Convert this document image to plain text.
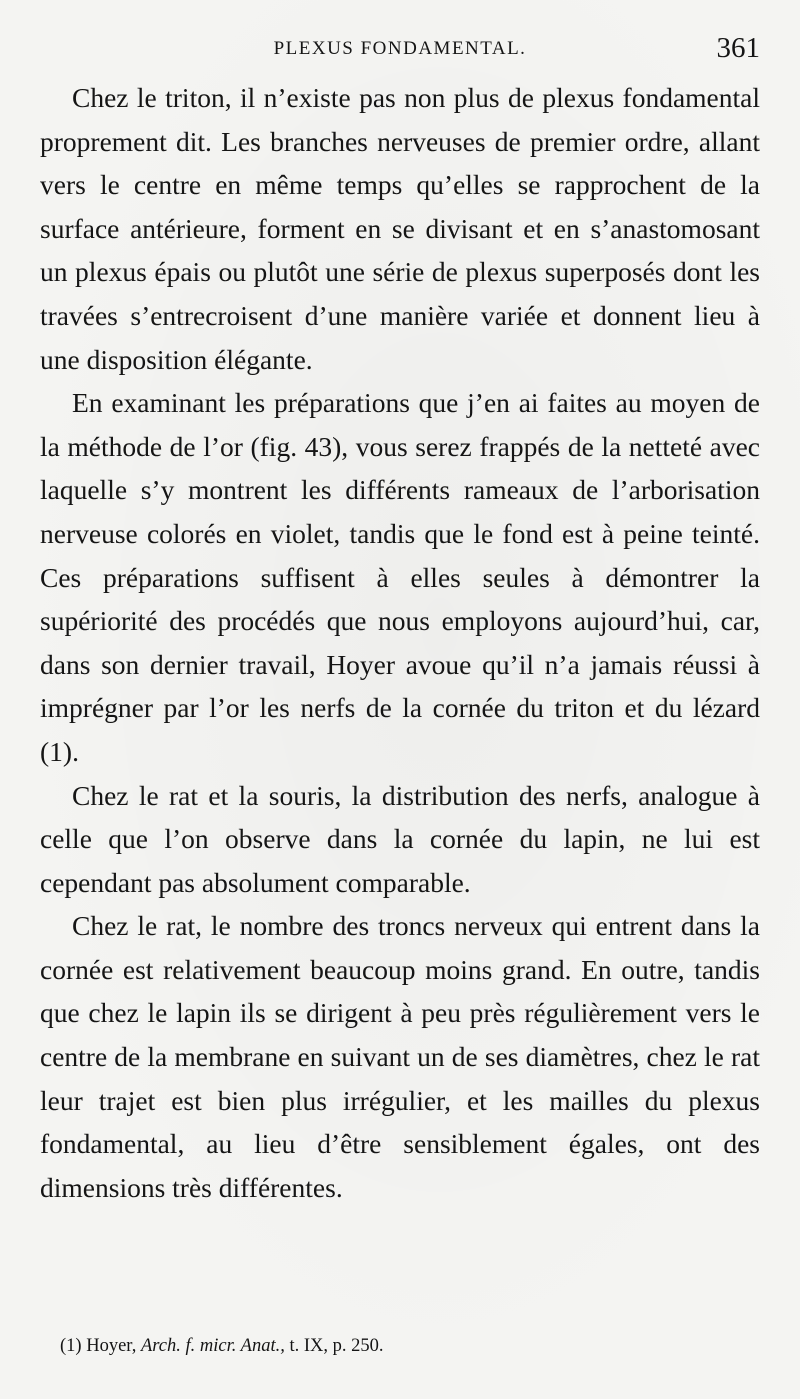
PLEXUS FONDAMENTAL.	361

Chez le triton, il n’existe pas non plus de plexus fondamental proprement dit. Les branches nerveuses de premier ordre, allant vers le centre en même temps qu’elles se rapprochent de la surface antérieure, forment en se divisant et en s’anastomosant un plexus épais ou plutôt une série de plexus superposés dont les travées s’entrecroisent d’une manière variée et donnent lieu à une disposition élégante.

En examinant les préparations que j’en ai faites au moyen de la méthode de l’or (fig. 43), vous serez frappés de la netteté avec laquelle s’y montrent les différents rameaux de l’arborisation nerveuse colorés en violet, tandis que le fond est à peine teinté. Ces préparations suffisent à elles seules à démontrer la supériorité des procédés que nous employons aujourd’hui, car, dans son dernier travail, Hoyer avoue qu’il n’a jamais réussi à imprégner par l’or les nerfs de la cornée du triton et du lézard (1).

Chez le rat et la souris, la distribution des nerfs, analogue à celle que l’on observe dans la cornée du lapin, ne lui est cependant pas absolument comparable.

Chez le rat, le nombre des troncs nerveux qui entrent dans la cornée est relativement beaucoup moins grand. En outre, tandis que chez le lapin ils se dirigent à peu près régulièrement vers le centre de la membrane en suivant un de ses diamètres, chez le rat leur trajet est bien plus irrégulier, et les mailles du plexus fondamental, au lieu d’être sensiblement égales, ont des dimensions très différentes.

(1) Hoyer, Arch. f. micr. Anat., t. IX, p. 250.
